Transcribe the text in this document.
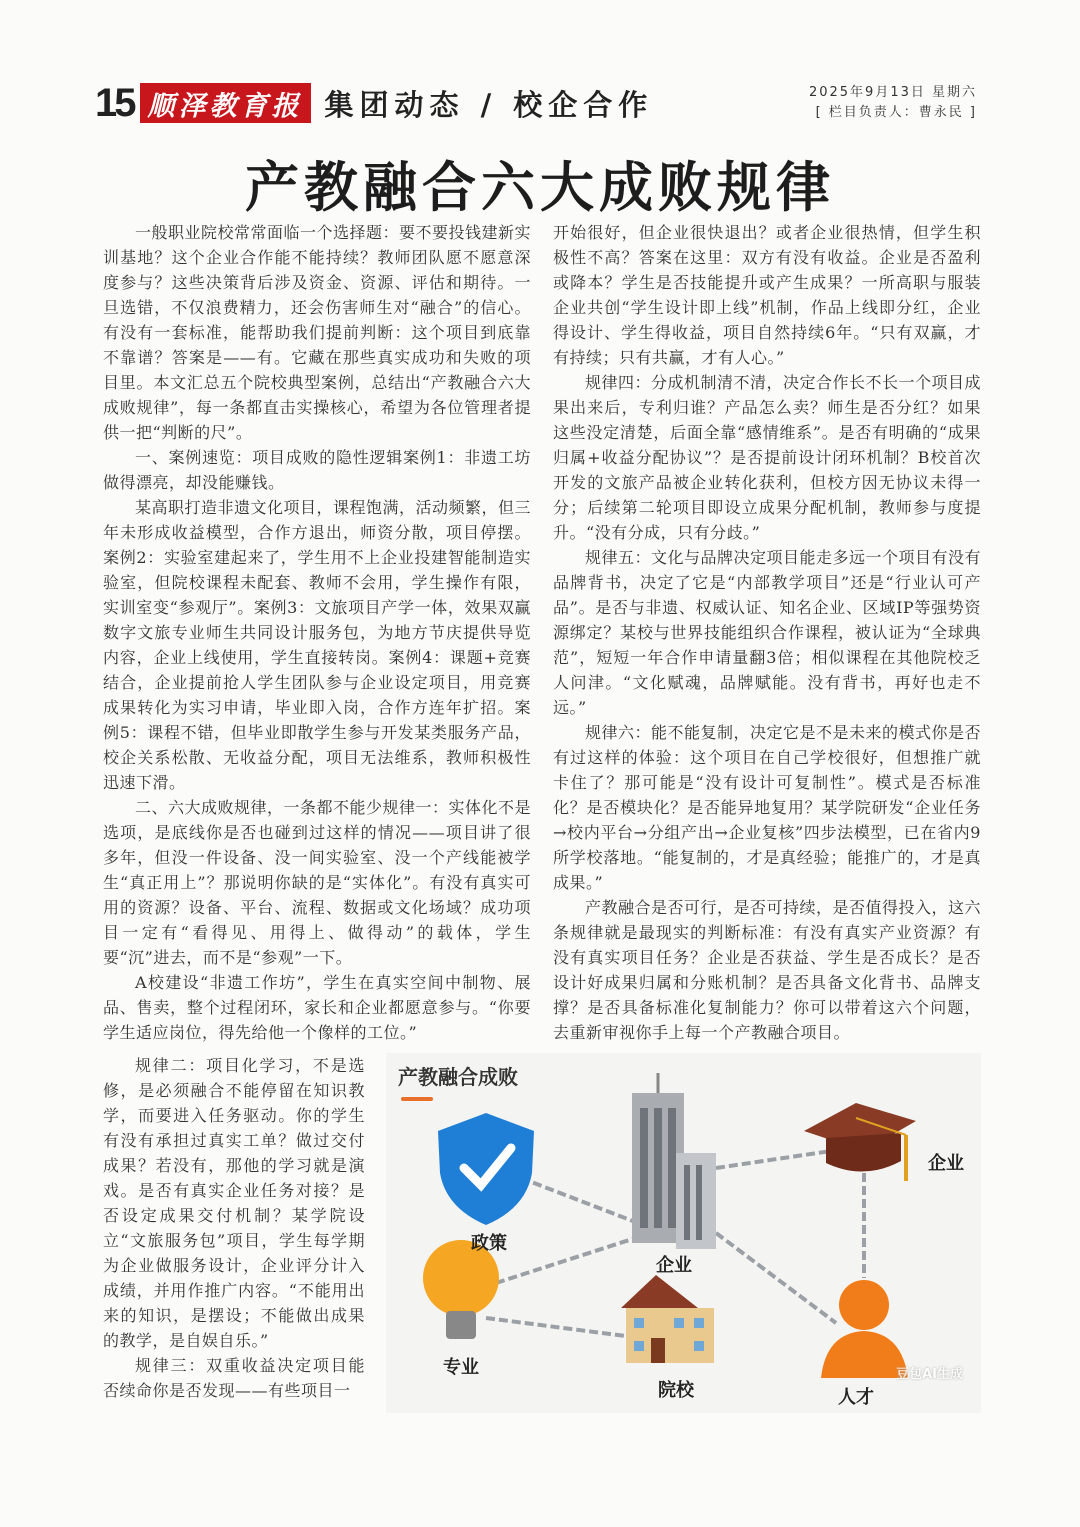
15 顺泽教育报 集团动态 / 校企合作	2025年9月13日 星期六
[ 栏目负责人：曹永民 ]
产教融合六大成败规律

一般职业院校常常面临一个选择题：要不要投钱建新实训基地？这个企业合作能不能持续？教师团队愿不愿意深度参与？这些决策背后涉及资金、资源、评估和期待。一旦选错，不仅浪费精力，还会伤害师生对“融合”的信心。有没有一套标准，能帮助我们提前判断：这个项目到底靠不靠谱？答案是——有。它藏在那些真实成功和失败的项目里。本文汇总五个院校典型案例，总结出“产教融合六大成败规律”，每一条都直击实操核心，希望为各位管理者提供一把“判断的尺”。

一、案例速览：项目成败的隐性逻辑案例1：非遗工坊做得漂亮，却没能赚钱。

某高职打造非遗文化项目，课程饱满，活动频繁，但三年未形成收益模型，合作方退出，师资分散，项目停摆。案例2：实验室建起来了，学生用不上企业投建智能制造实验室，但院校课程未配套、教师不会用，学生操作有限，实训室变“参观厅”。案例3：文旅项目产学一体，效果双赢数字文旅专业师生共同设计服务包，为地方节庆提供导览内容，企业上线使用，学生直接转岗。案例4：课题+竞赛结合，企业提前抢人学生团队参与企业设定项目，用竞赛成果转化为实习申请，毕业即入岗，合作方连年扩招。案例5：课程不错，但毕业即散学生参与开发某类服务产品，校企关系松散、无收益分配，项目无法维系，教师积极性迅速下滑。

二、六大成败规律，一条都不能少规律一：实体化不是选项，是底线你是否也碰到过这样的情况——项目讲了很多年，但没一件设备、没一间实验室、没一个产线能被学生“真正用上”？那说明你缺的是“实体化”。有没有真实可用的资源？设备、平台、流程、数据或文化场域？成功项目一定有“看得见、用得上、做得动”的载体，学生要“沉”进去，而不是“参观”一下。

A校建设“非遗工作坊”，学生在真实空间中制物、展品、售卖，整个过程闭环，家长和企业都愿意参与。“你要学生适应岗位，得先给他一个像样的工位。”

开始很好，但企业很快退出？或者企业很热情，但学生积极性不高？答案在这里：双方有没有收益。企业是否盈利或降本？学生是否技能提升或产生成果？一所高职与服装企业共创“学生设计即上线”机制，作品上线即分红，企业得设计、学生得收益，项目自然持续6年。“只有双赢，才有持续；只有共赢，才有人心。”

规律四：分成机制清不清，决定合作长不长一个项目成果出来后，专利归谁？产品怎么卖？师生是否分红？如果这些没定清楚，后面全靠“感情维系”。是否有明确的“成果归属+收益分配协议”？是否提前设计闭环机制？B校首次开发的文旅产品被企业转化获利，但校方因无协议未得一分；后续第二轮项目即设立成果分配机制，教师参与度提升。“没有分成，只有分歧。”

规律五：文化与品牌决定项目能走多远一个项目有没有品牌背书，决定了它是“内部教学项目”还是“行业认可产品”。是否与非遗、权威认证、知名企业、区域IP等强势资源绑定？某校与世界技能组织合作课程，被认证为“全球典范”，短短一年合作申请量翻3倍；相似课程在其他院校乏人问津。“文化赋魂，品牌赋能。没有背书，再好也走不远。”

规律六：能不能复制，决定它是不是未来的模式你是否有过这样的体验：这个项目在自己学校很好，但想推广就卡住了？那可能是“没有设计可复制性”。模式是否标准化？是否模块化？是否能异地复用？某学院研发“企业任务→校内平台→分组产出→企业复核”四步法模型，已在省内9所学校落地。“能复制的，才是真经验；能推广的，才是真成果。”

产教融合是否可行，是否可持续，是否值得投入，这六条规律就是最现实的判断标准：有没有真实产业资源？有没有真实项目任务？企业是否获益、学生是否成长？是否设计好成果归属和分账机制？是否具备文化背书、品牌支撑？是否具备标准化复制能力？你可以带着这六个问题，去重新审视你手上每一个产教融合项目。

规律二：项目化学习，不是选修，是必须融合不能停留在知识教学，而要进入任务驱动。你的学生有没有承担过真实工单？做过交付成果？若没有，那他的学习就是演戏。是否有真实企业任务对接？是否设定成果交付机制？某学院设立“文旅服务包”项目，学生每学期为企业做服务设计，企业评分计入成绩，并用作推广内容。“不能用出来的知识，是摆设；不能做出成果的教学，是自娱自乐。”

规律三：双重收益决定项目能否续命你是否发现——有些项目一

产教融合成败
政策
企业
企业
专业
院校	人才
豆包AI生成
